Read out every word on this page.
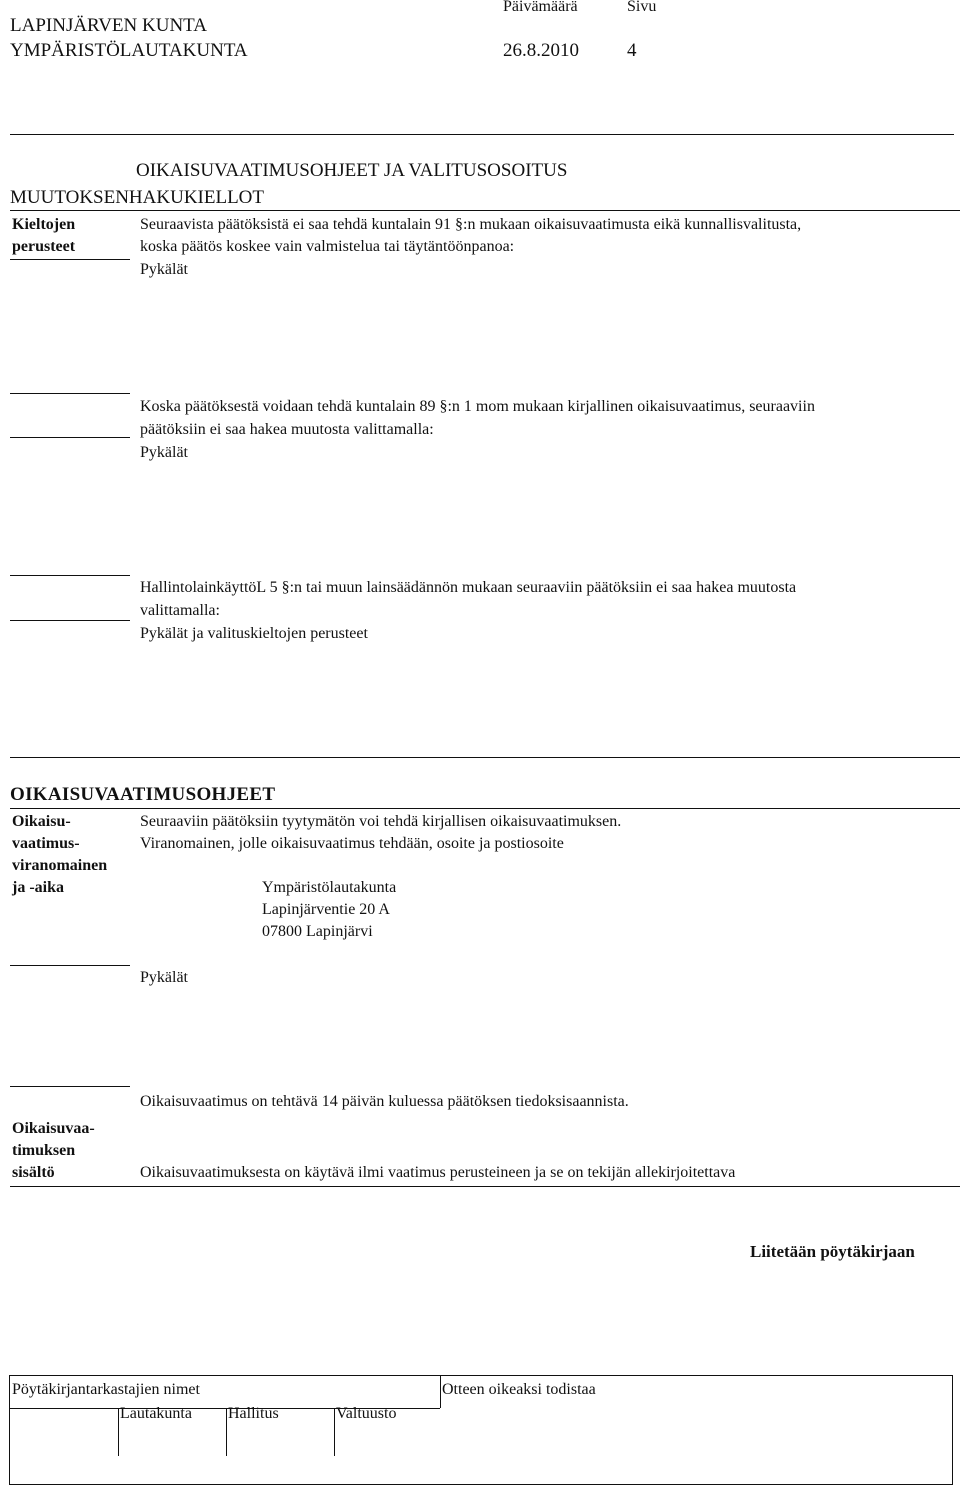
LAPINJÄRVEN KUNTA
YMPÄRISTÖLAUTAKUNTA
Päivämäärä
26.8.2010
Sivu
4
OIKAISUVAATIMUSOHJEET JA VALITUSOSOITUS
MUUTOKSENHAKUKIELLOT
Kieltojen
perusteet
Seuraavista päätöksistä ei saa tehdä kuntalain 91 §:n mukaan oikaisuvaatimusta eikä kunnallisvalitusta,
koska päätös koskee vain valmistelua tai täytäntöönpanoa:
Pykälät
Koska päätöksestä voidaan tehdä kuntalain 89 §:n 1 mom mukaan kirjallinen oikaisuvaatimus, seuraaviin
päätöksiin ei saa hakea muutosta valittamalla:
Pykälät
HallintolainkäyttöL 5 §:n tai muun lainsäädännön mukaan seuraaviin päätöksiin ei saa hakea muutosta
valittamalla:
Pykälät ja valituskieltojen perusteet
OIKAISUVAATIMUSOHJEET
Oikaisu-
vaatimus-
viranomainen
ja -aika
Seuraaviin päätöksiin tyytymätön voi tehdä kirjallisen oikaisuvaatimuksen.
Viranomainen, jolle oikaisuvaatimus tehdään, osoite ja postiosoite
Ympäristölautakunta
Lapinjärventie 20 A
07800 Lapinjärvi
Pykälät
Oikaisuvaatimus on tehtävä 14 päivän kuluessa päätöksen tiedoksisaannista.
Oikaisuvaa-
timuksen
sisältö	Oikaisuvaatimuksesta on käytävä ilmi vaatimus perusteineen ja se on tekijän allekirjoitettava
Liitetään pöytäkirjaan
Pöytäkirjantarkastajien nimet	Otteen oikeaksi todistaa
Lautakunta Hallitus	Valtuusto
